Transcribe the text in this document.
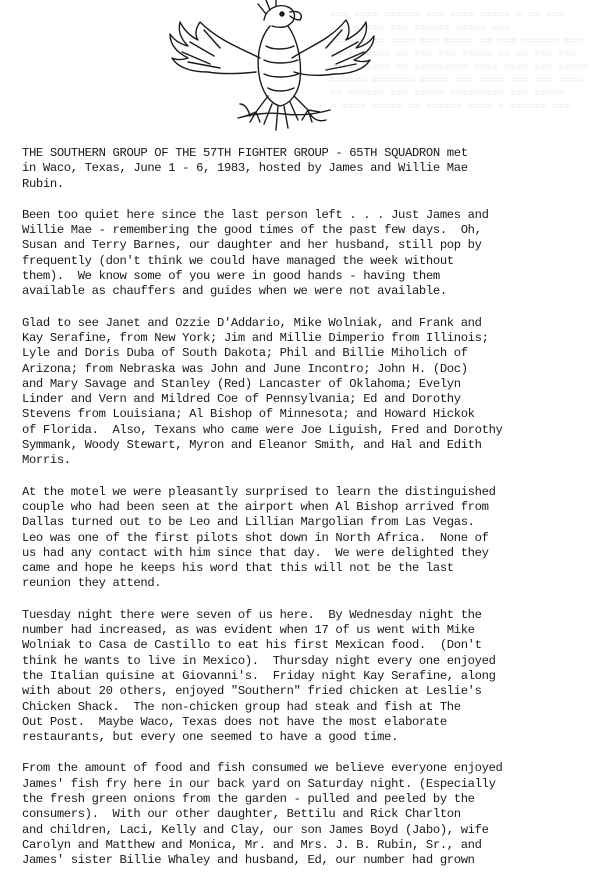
=== ==== ====== === ==== ===== = == ===
=== ===== === ====== ===== ===
========= ==== === ===== == === ====== ===
========== == === === ===== == == === ===
===== ==== == ========= ==== ==== === =====
====== ======= ===== === ==== === === ====
== ====== === ===== ========= === =====
= ==== ===== == ====== ==== = ====== ===

THE SOUTHERN GROUP OF THE 57TH FIGHTER GROUP - 65TH SQUADRON met
in Waco, Texas, June 1 - 6, 1983, hosted by James and Willie Mae
Rubin.

Been too quiet here since the last person left . . . Just James and
Willie Mae - remembering the good times of the past few days.  Oh,
Susan and Terry Barnes, our daughter and her husband, still pop by
frequently (don't think we could have managed the week without
them).  We know some of you were in good hands - having them
available as chauffers and guides when we were not available.

Glad to see Janet and Ozzie D'Addario, Mike Wolniak, and Frank and
Kay Serafine, from New York; Jim and Millie Dimperio from Illinois;
Lyle and Doris Duba of South Dakota; Phil and Billie Miholich of
Arizona; from Nebraska was John and June Incontro; John H. (Doc)
and Mary Savage and Stanley (Red) Lancaster of Oklahoma; Evelyn
Linder and Vern and Mildred Coe of Pennsylvania; Ed and Dorothy
Stevens from Louisiana; Al Bishop of Minnesota; and Howard Hickok
of Florida.  Also, Texans who came were Joe Liguish, Fred and Dorothy
Symmank, Woody Stewart, Myron and Eleanor Smith, and Hal and Edith
Morris.

At the motel we were pleasantly surprised to learn the distinguished
couple who had been seen at the airport when Al Bishop arrived from
Dallas turned out to be Leo and Lillian Margolian from Las Vegas.
Leo was one of the first pilots shot down in North Africa.  None of
us had any contact with him since that day.  We were delighted they
came and hope he keeps his word that this will not be the last
reunion they attend.

Tuesday night there were seven of us here.  By Wednesday night the
number had increased, as was evident when 17 of us went with Mike
Wolniak to Casa de Castillo to eat his first Mexican food.  (Don't
think he wants to live in Mexico).  Thursday night every one enjoyed
the Italian quisine at Giovanni's.  Friday night Kay Serafine, along
with about 20 others, enjoyed "Southern" fried chicken at Leslie's
Chicken Shack.  The non-chicken group had steak and fish at The
Out Post.  Maybe Waco, Texas does not have the most elaborate
restaurants, but every one seemed to have a good time.

From the amount of food and fish consumed we believe everyone enjoyed
James' fish fry here in our back yard on Saturday night. (Especially
the fresh green onions from the garden - pulled and peeled by the
consumers).  With our other daughter, Bettilu and Rick Charlton
and children, Laci, Kelly and Clay, our son James Boyd (Jabo), wife
Carolyn and Matthew and Monica, Mr. and Mrs. J. B. Rubin, Sr., and
James' sister Billie Whaley and husband, Ed, our number had grown
